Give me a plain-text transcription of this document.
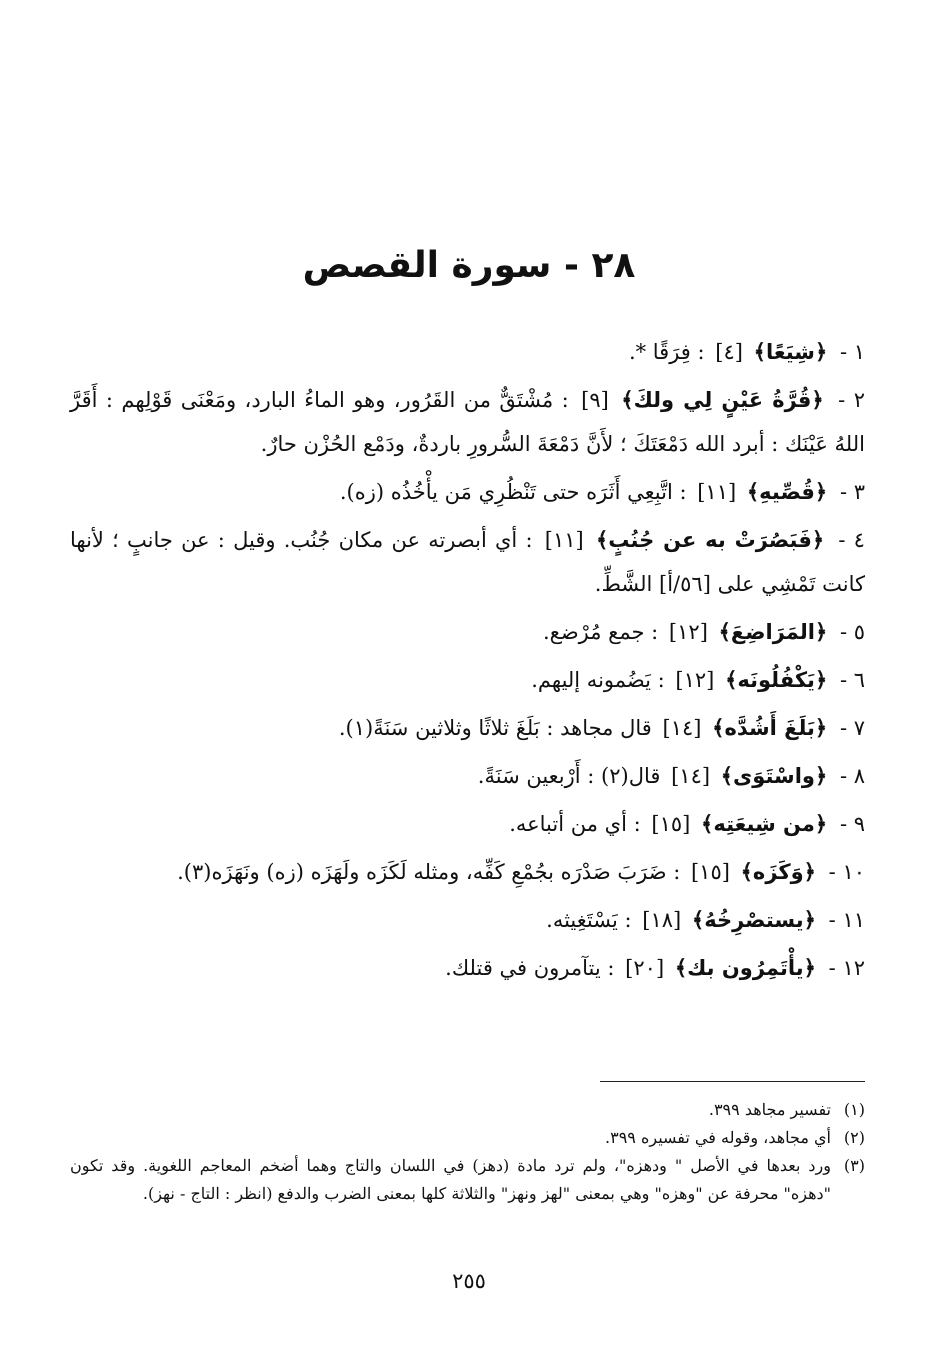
٢٨ - سورة القصص

١ - ﴿شِيَعًا﴾ [٤] : فِرَقًا *.

٢ - ﴿قُرَّةُ عَيْنٍ لِي ولكَ﴾ [٩] : مُشْتَقٌّ من القَرُور، وهو الماءُ البارد، ومَعْنَى قَوْلِهم : أَقَرَّ اللهُ عَيْنَك : أبرد الله دَمْعَتَكَ ؛ لأَنَّ دَمْعَةَ السُّرورِ باردةٌ، ودَمْع الحُزْن حارٌ.

٣ - ﴿قُصِّيهِ﴾ [١١] : اتَّبِعِي أَثَرَه حتى تَنْظُرِي مَن يأْخُذُه (زه).

٤ - ﴿فَبَصُرَتْ به عن جُنُبٍ﴾ [١١] : أي أبصرته عن مكان جُنُب. وقيل : عن جانبٍ ؛ لأنها كانت تَمْشِي على [٥٦/أ] الشَّطِّ.

٥ - ﴿المَرَاضِعَ﴾ [١٢] : جمع مُرْضع.

٦ - ﴿يَكْفُلُونَه﴾ [١٢] : يَضُمونه إليهم.

٧ - ﴿بَلَغَ أَشُدَّه﴾ [١٤] قال مجاهد : بَلَغَ ثلاثًا وثلاثين سَنَةً(١).

٨ - ﴿واسْتَوَى﴾ [١٤] قال(٢) : أَرْبعين سَنَةً.

٩ - ﴿من شِيعَتِه﴾ [١٥] : أي من أتباعه.

١٠ - ﴿وَكَزَه﴾ [١٥] : ضَرَبَ صَدْرَه بجُمْعِ كَفِّه، ومثله لَكَزَه ولَهَزَه (زه) ونَهَزَه(٣).

١١ - ﴿يستصْرِخُهُ﴾ [١٨] : يَسْتَغِيثه.

١٢ - ﴿يأْتَمِرُون بك﴾ [٢٠] : يتآمرون في قتلك.

(١)
تفسير مجاهد ٣٩٩.
(٢)
أي مجاهد، وقوله في تفسيره ٣٩٩.
(٣)
ورد بعدها في الأصل " ودهزه"، ولم ترد مادة (دهز) في اللسان والتاج وهما أضخم المعاجم اللغوية. وقد تكون "دهزه" محرفة عن "وهزه" وهي بمعنى "لهز ونهز" والثلاثة كلها بمعنى الضرب والدفع (انظر : التاج - نهز).
٢٥٥
